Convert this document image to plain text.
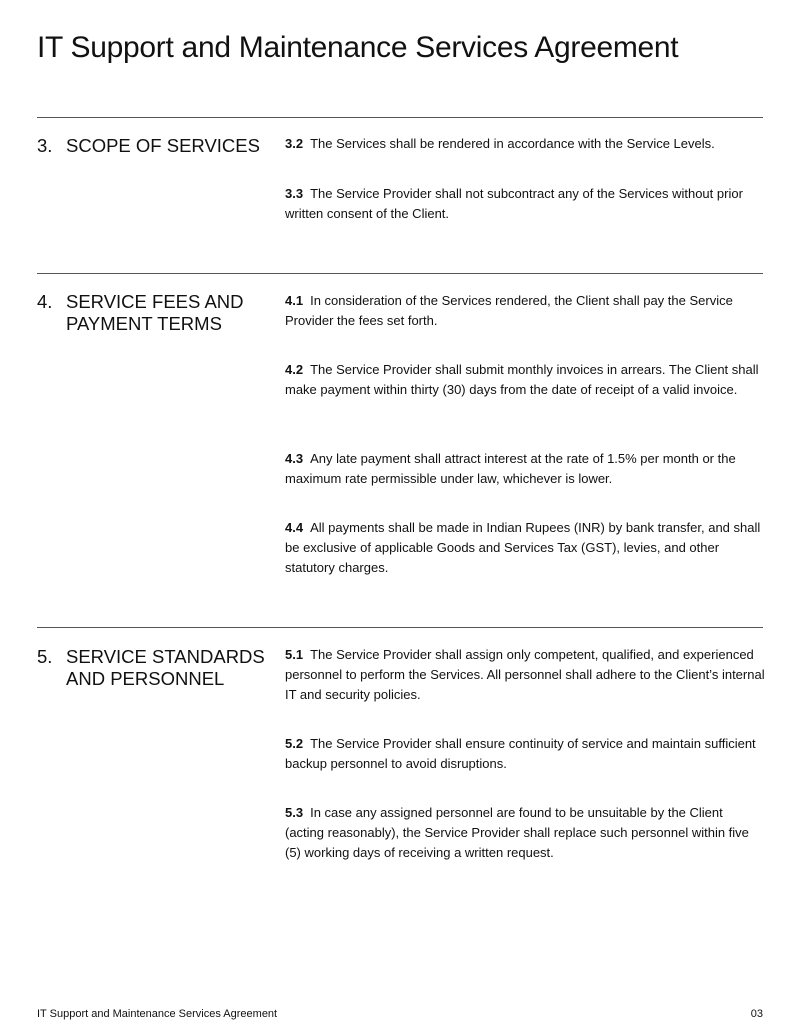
IT Support and Maintenance Services Agreement
3. SCOPE OF SERVICES	3.2 The Services shall be rendered in accordance with the Service Levels.

3.3 The Service Provider shall not subcontract any of the Services without prior written consent of the Client.

4. SERVICE FEES AND PAYMENT TERMS

4.1 In consideration of the Services rendered, the Client shall pay the Service Provider the fees set forth.

4.2 The Service Provider shall submit monthly invoices in arrears. The Client shall make payment within thirty (30) days from the date of receipt of a valid invoice.

4.3 Any late payment shall attract interest at the rate of 1.5% per month or the maximum rate permissible under law, whichever is lower.

4.4 All payments shall be made in Indian Rupees (INR) by bank transfer, and shall be exclusive of applicable Goods and Services Tax (GST), levies, and other statutory charges.

5. SERVICE STANDARDS AND PERSONNEL

5.1 The Service Provider shall assign only competent, qualified, and experienced personnel to perform the Services. All personnel shall adhere to the Client’s internal IT and security policies.

5.2 The Service Provider shall ensure continuity of service and maintain sufficient backup personnel to avoid disruptions.

5.3 In case any assigned personnel are found to be unsuitable by the Client (acting reasonably), the Service Provider shall replace such personnel within five (5) working days of receiving a written request.

IT Support and Maintenance Services Agreement	03
